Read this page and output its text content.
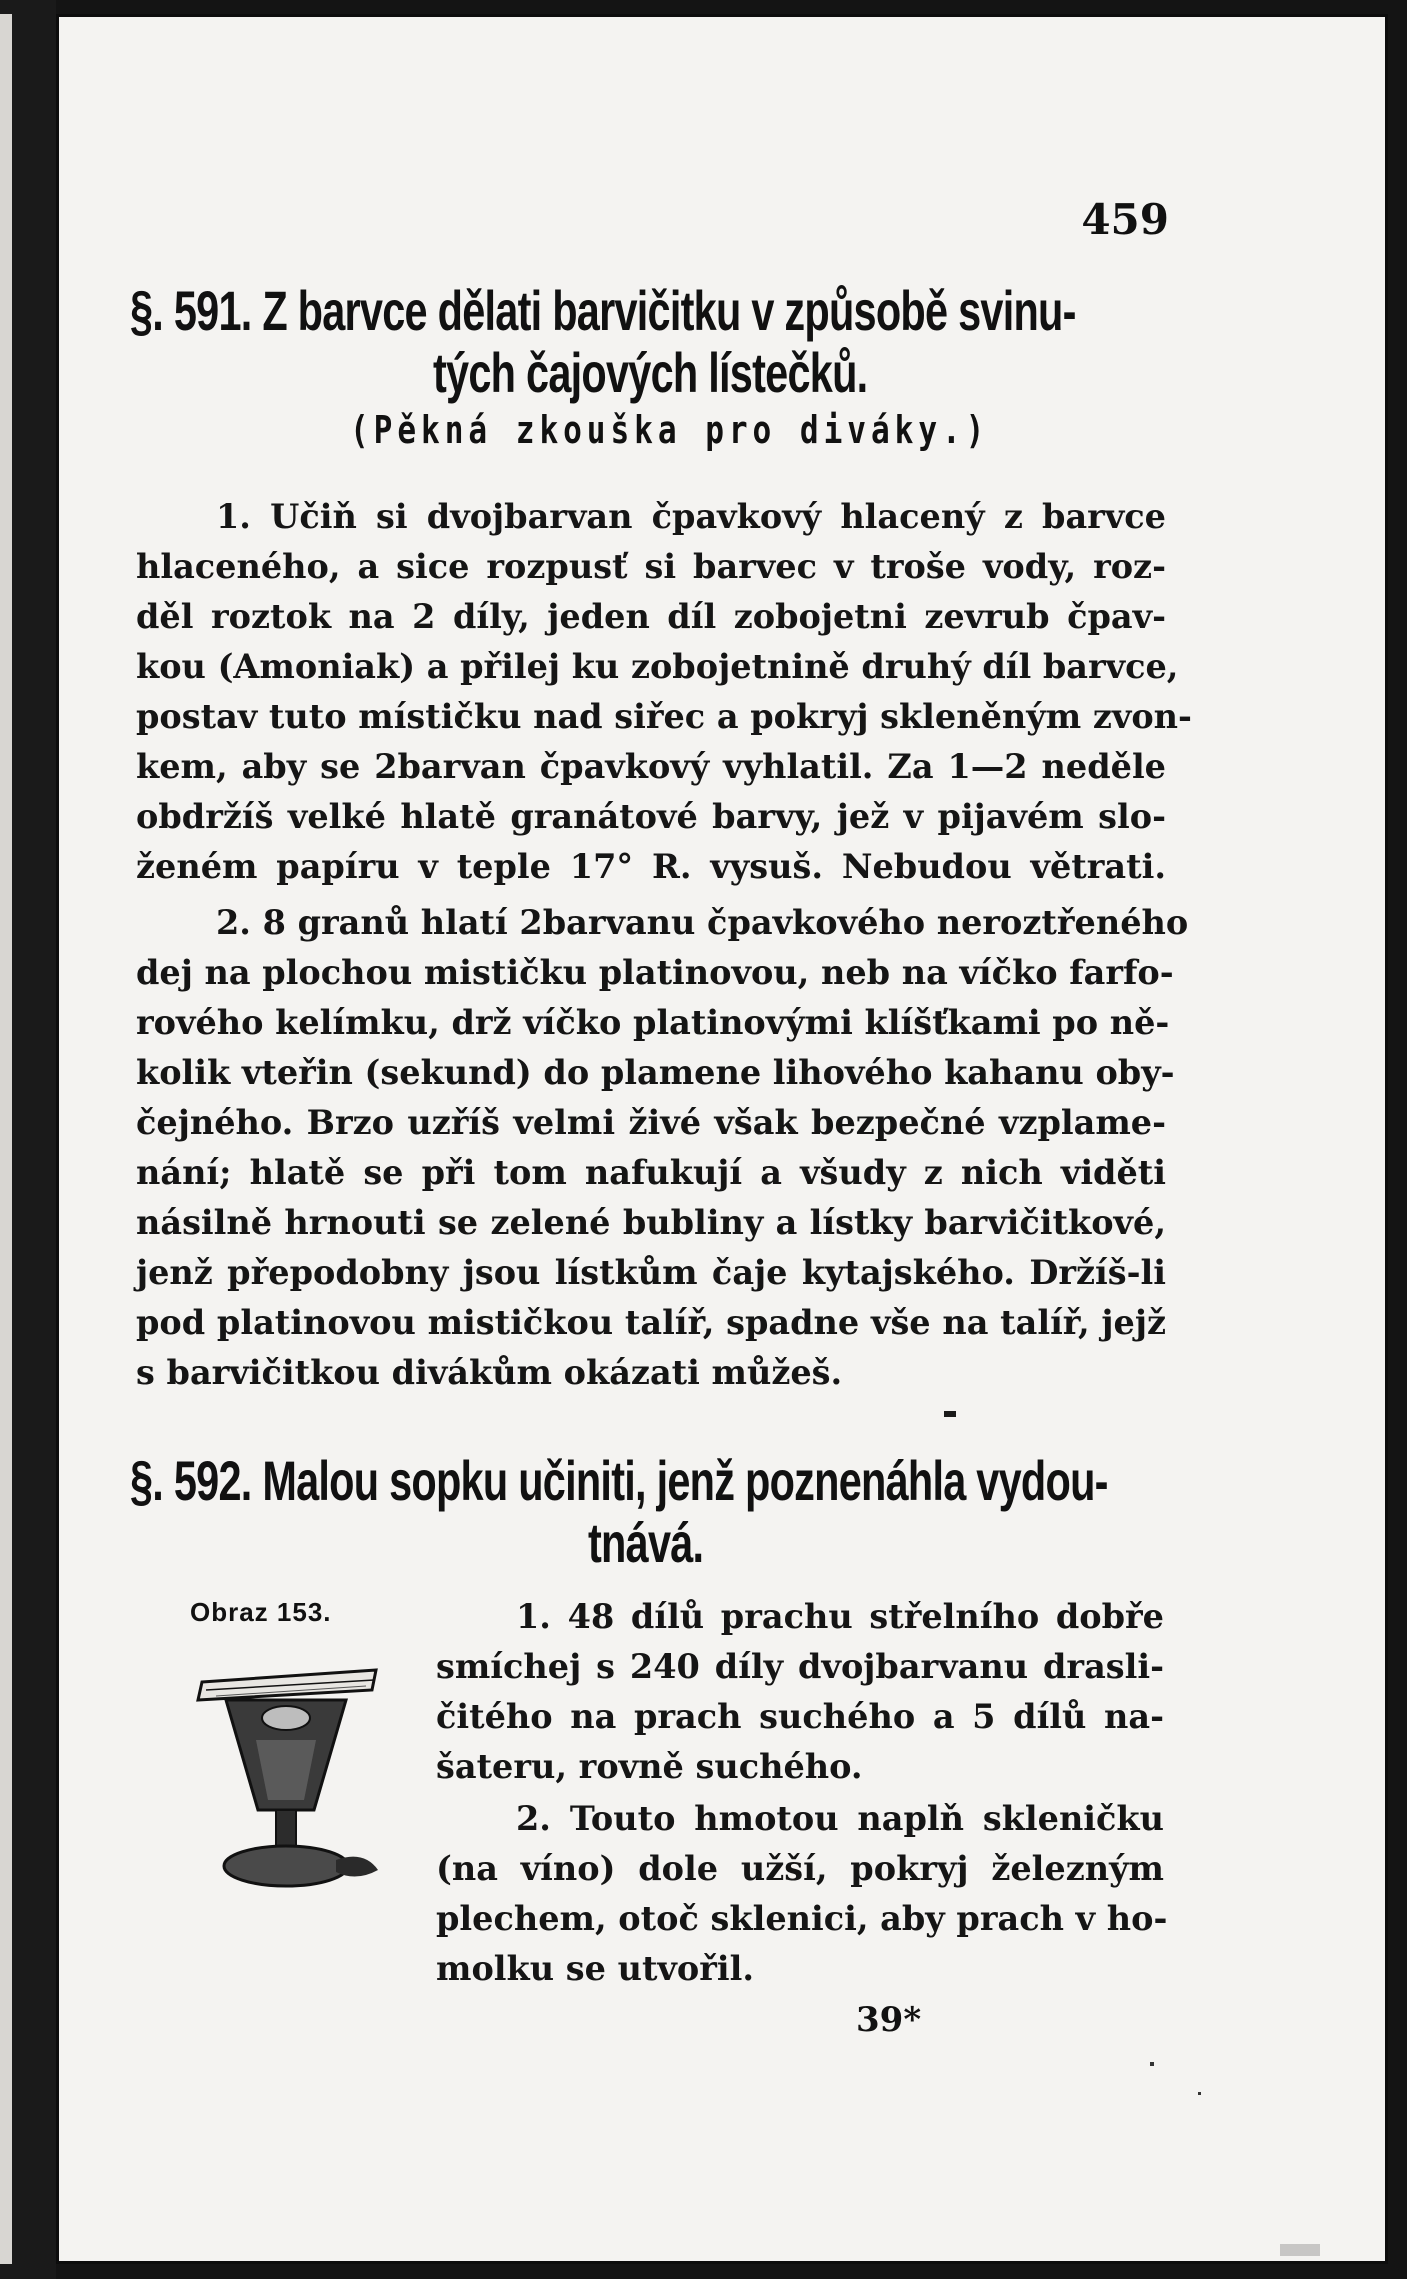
459
§. 591. Z barvce dělati barvičitku v způsobě svinu-
tých čajových lístečků.
(Pěkná zkouška pro diváky.)
1. Učiň si dvojbarvan čpavkový hlacený z barvce
hlaceného, a sice rozpusť si barvec v troše vody, roz-
děl roztok na 2 díly, jeden díl zobojetni zevrub čpav-
kou (Amoniak) a přilej ku zobojetnině druhý díl barvce,
postav tuto místičku nad siřec a pokryj skleněným zvon-
kem, aby se 2barvan čpavkový vyhlatil. Za 1—2 neděle
obdržíš velké hlatě granátové barvy, jež v pijavém slo-
ženém papíru v teple 17° R. vysuš. Nebudou větrati.
2. 8 granů hlatí 2barvanu čpavkového neroztřeného
dej na plochou mističku platinovou, neb na víčko farfo-
rového kelímku, drž víčko platinovými klíšťkami po ně-
kolik vteřin (sekund) do plamene lihového kahanu oby-
čejného. Brzo uzříš velmi živé však bezpečné vzplame-
nání; hlatě se při tom nafukují a všudy z nich viděti
násilně hrnouti se zelené bubliny a lístky barvičitkové,
jenž přepodobny jsou lístkům čaje kytajského. Držíš-li
pod platinovou mističkou talíř, spadne vše na talíř, jejž
s barvičitkou divákům okázati můžeš.
§. 592. Malou sopku učiniti, jenž poznenáhla vydou-
tnává.
Obraz 153.	1. 48 dílů prachu střelního dobře
smíchej s 240 díly dvojbarvanu drasli-
čitého na prach suchého a 5 dílů na-
šateru, rovně suchého.
2. Touto hmotou naplň skleničku
(na víno) dole užší, pokryj železným
plechem, otoč sklenici, aby prach v ho-
molku se utvořil.
39*
